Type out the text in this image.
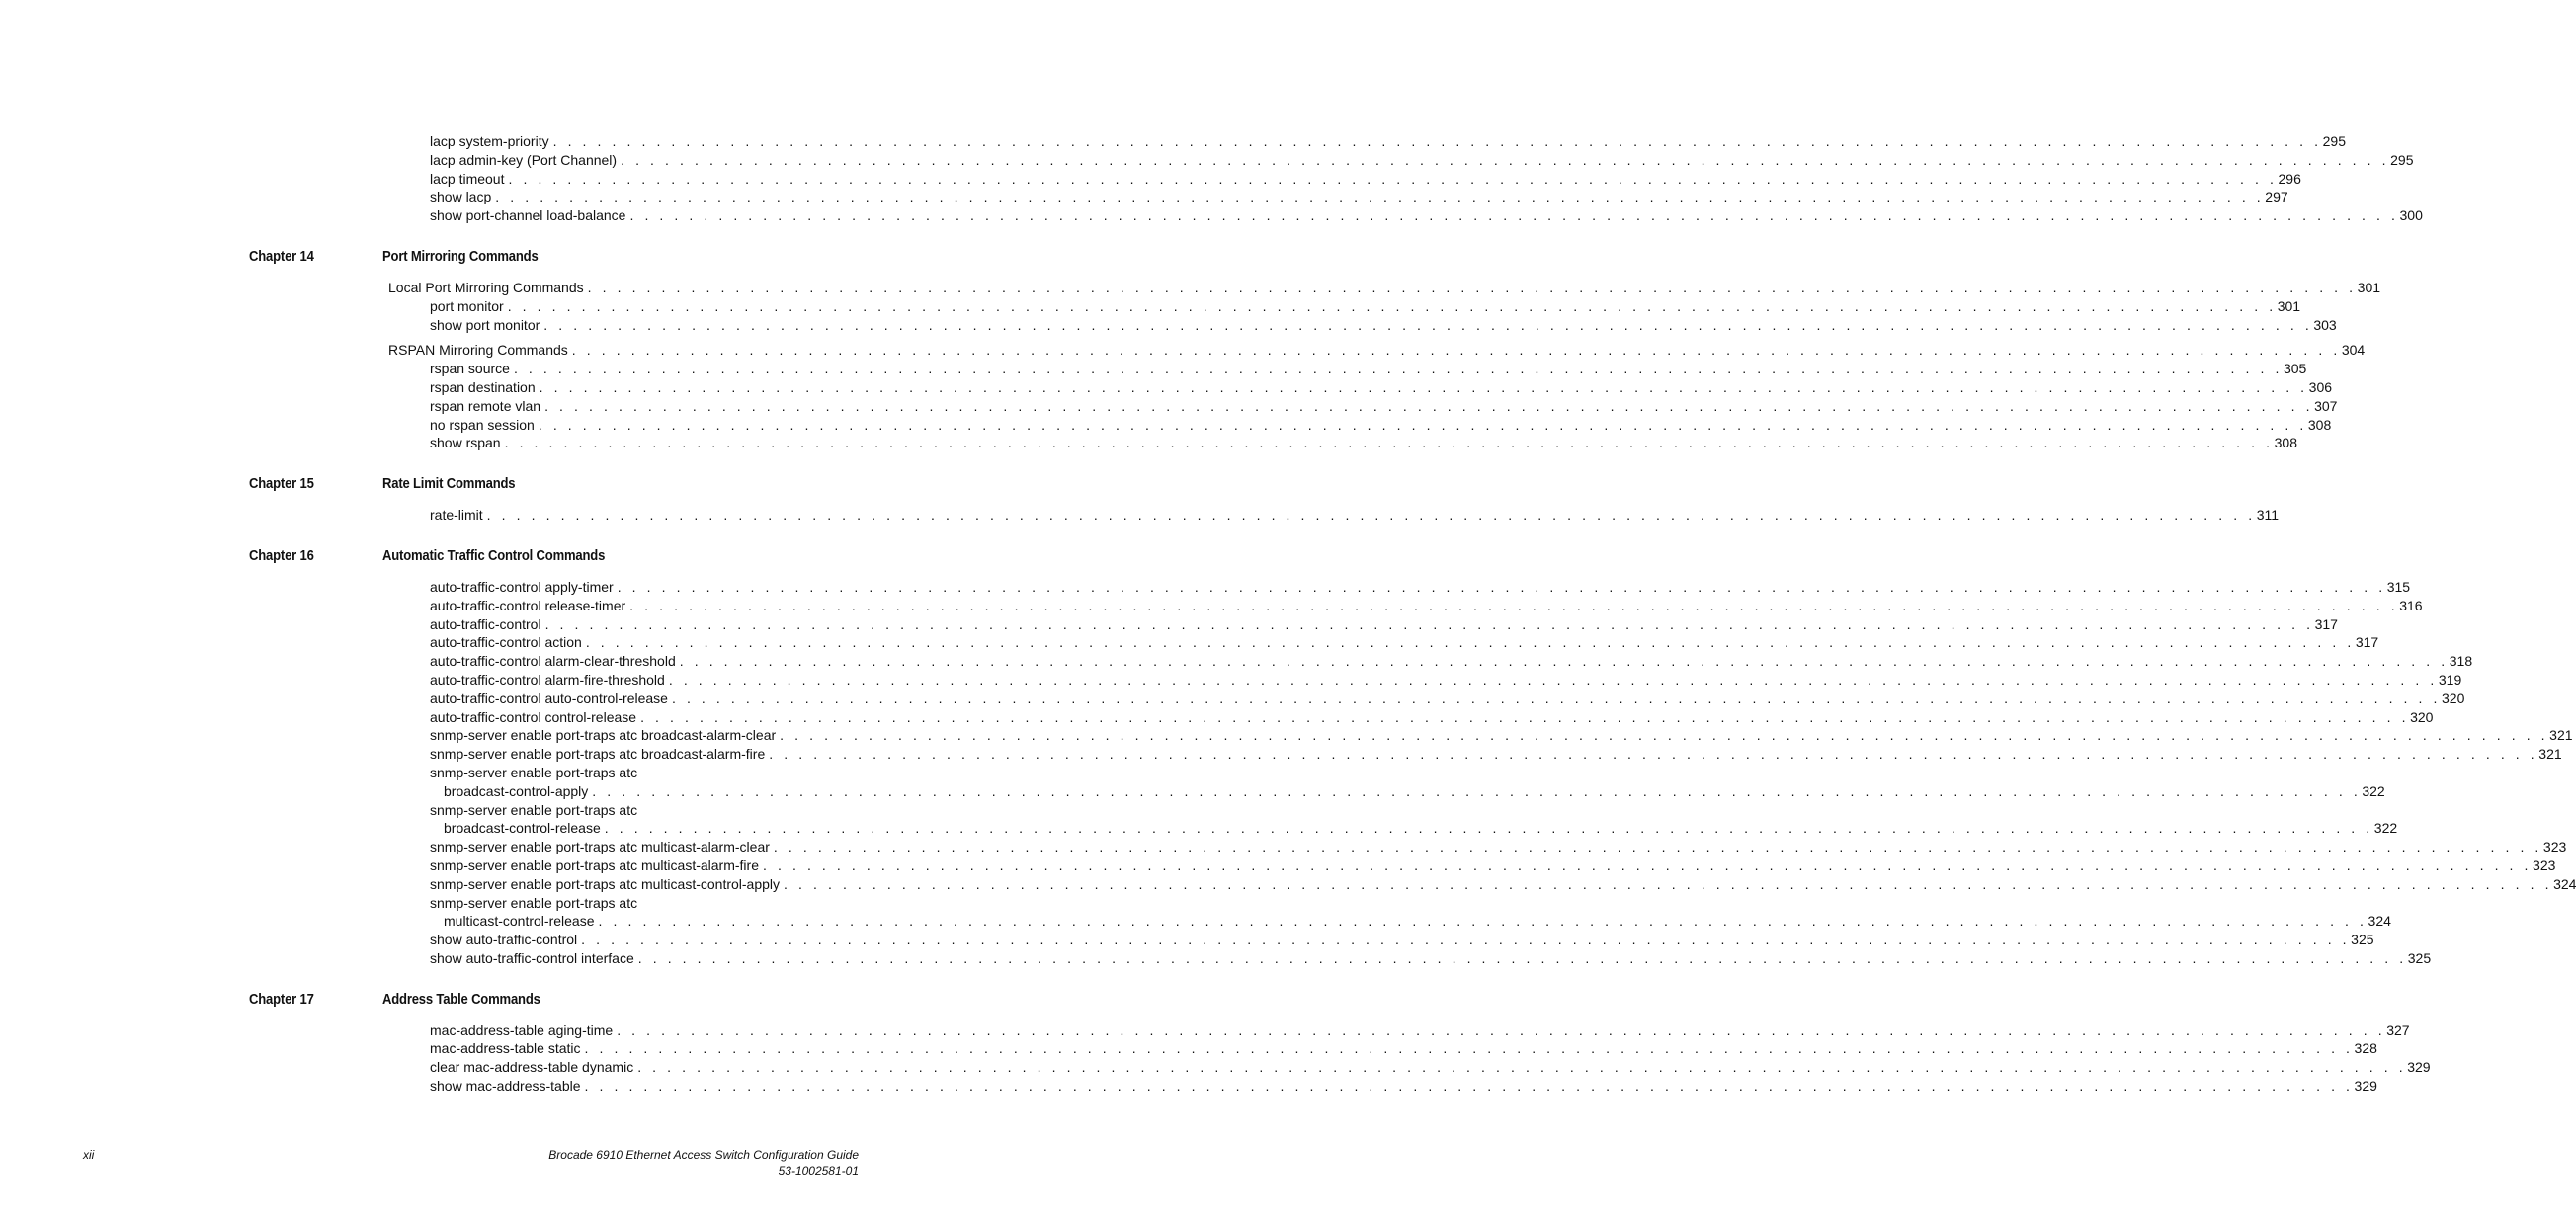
lacp system-priority . . . . . . . . . . . . . . . . . . . . . . . . . . . . . . . . . . . . . . . . . . . . . . . . . . . . . . . . . . . . . . . . . . . . . . . . . . . . . . . . . . . . . . . . . . . . . . . . . . . . . . . . . . . . . . . . . . . . . . . . 295
lacp admin-key (Port Channel) . . . . . . . . . . . . . . . . . . . . . . . . . . . . . . . . . . . . . . . . . . . . . . . . . . . . . . . . . . . . . . . . . . . . . . . . . . . . . . . . . . . . . . . . . . . . . . . . . . . . . . . . . . . . . . . . . . . . . . . . 295
lacp timeout . . . . . . . . . . . . . . . . . . . . . . . . . . . . . . . . . . . . . . . . . . . . . . . . . . . . . . . . . . . . . . . . . . . . . . . . . . . . . . . . . . . . . . . . . . . . . . . . . . . . . . . . . . . . . . . . . . . . . . . . 296
show lacp . . . . . . . . . . . . . . . . . . . . . . . . . . . . . . . . . . . . . . . . . . . . . . . . . . . . . . . . . . . . . . . . . . . . . . . . . . . . . . . . . . . . . . . . . . . . . . . . . . . . . . . . . . . . . . . . . . . . . . . . 297
show port-channel load-balance . . . . . . . . . . . . . . . . . . . . . . . . . . . . . . . . . . . . . . . . . . . . . . . . . . . . . . . . . . . . . . . . . . . . . . . . . . . . . . . . . . . . . . . . . . . . . . . . . . . . . . . . . . . . . . . . . . . . . . . . 300
Chapter 14	Port Mirroring Commands
Local Port Mirroring Commands . . . . . . . . . . . . . . . . . . . . . . . . . . . . . . . . . . . . . . . . . . . . . . . . . . . . . . . . . . . . . . . . . . . . . . . . . . . . . . . . . . . . . . . . . . . . . . . . . . . . . . . . . . . . . . . . . . . . . . . . 301
port monitor . . . . . . . . . . . . . . . . . . . . . . . . . . . . . . . . . . . . . . . . . . . . . . . . . . . . . . . . . . . . . . . . . . . . . . . . . . . . . . . . . . . . . . . . . . . . . . . . . . . . . . . . . . . . . . . . . . . . . . . . 301
show port monitor . . . . . . . . . . . . . . . . . . . . . . . . . . . . . . . . . . . . . . . . . . . . . . . . . . . . . . . . . . . . . . . . . . . . . . . . . . . . . . . . . . . . . . . . . . . . . . . . . . . . . . . . . . . . . . . . . . . . . . . . 303
RSPAN Mirroring Commands . . . . . . . . . . . . . . . . . . . . . . . . . . . . . . . . . . . . . . . . . . . . . . . . . . . . . . . . . . . . . . . . . . . . . . . . . . . . . . . . . . . . . . . . . . . . . . . . . . . . . . . . . . . . . . . . . . . . . . . . 304
rspan source . . . . . . . . . . . . . . . . . . . . . . . . . . . . . . . . . . . . . . . . . . . . . . . . . . . . . . . . . . . . . . . . . . . . . . . . . . . . . . . . . . . . . . . . . . . . . . . . . . . . . . . . . . . . . . . . . . . . . . . . 305
rspan destination . . . . . . . . . . . . . . . . . . . . . . . . . . . . . . . . . . . . . . . . . . . . . . . . . . . . . . . . . . . . . . . . . . . . . . . . . . . . . . . . . . . . . . . . . . . . . . . . . . . . . . . . . . . . . . . . . . . . . . . . 306
rspan remote vlan . . . . . . . . . . . . . . . . . . . . . . . . . . . . . . . . . . . . . . . . . . . . . . . . . . . . . . . . . . . . . . . . . . . . . . . . . . . . . . . . . . . . . . . . . . . . . . . . . . . . . . . . . . . . . . . . . . . . . . . . 307
no rspan session . . . . . . . . . . . . . . . . . . . . . . . . . . . . . . . . . . . . . . . . . . . . . . . . . . . . . . . . . . . . . . . . . . . . . . . . . . . . . . . . . . . . . . . . . . . . . . . . . . . . . . . . . . . . . . . . . . . . . . . . 308
show rspan . . . . . . . . . . . . . . . . . . . . . . . . . . . . . . . . . . . . . . . . . . . . . . . . . . . . . . . . . . . . . . . . . . . . . . . . . . . . . . . . . . . . . . . . . . . . . . . . . . . . . . . . . . . . . . . . . . . . . . . . 308
Chapter 15	Rate Limit Commands
rate-limit . . . . . . . . . . . . . . . . . . . . . . . . . . . . . . . . . . . . . . . . . . . . . . . . . . . . . . . . . . . . . . . . . . . . . . . . . . . . . . . . . . . . . . . . . . . . . . . . . . . . . . . . . . . . . . . . . . . . . . . . 311
Chapter 16	Automatic Traffic Control Commands
auto-traffic-control apply-timer . . . . . . . . . . . . . . . . . . . . . . . . . . . . . . . . . . . . . . . . . . . . . . . . . . . . . . . . . . . . . . . . . . . . . . . . . . . . . . . . . . . . . . . . . . . . . . . . . . . . . . . . . . . . . . . . . . . . . . . . 315
auto-traffic-control release-timer . . . . . . . . . . . . . . . . . . . . . . . . . . . . . . . . . . . . . . . . . . . . . . . . . . . . . . . . . . . . . . . . . . . . . . . . . . . . . . . . . . . . . . . . . . . . . . . . . . . . . . . . . . . . . . . . . . . . . . . . 316
auto-traffic-control . . . . . . . . . . . . . . . . . . . . . . . . . . . . . . . . . . . . . . . . . . . . . . . . . . . . . . . . . . . . . . . . . . . . . . . . . . . . . . . . . . . . . . . . . . . . . . . . . . . . . . . . . . . . . . . . . . . . . . . . 317
auto-traffic-control action . . . . . . . . . . . . . . . . . . . . . . . . . . . . . . . . . . . . . . . . . . . . . . . . . . . . . . . . . . . . . . . . . . . . . . . . . . . . . . . . . . . . . . . . . . . . . . . . . . . . . . . . . . . . . . . . . . . . . . . . 317
auto-traffic-control alarm-clear-threshold . . . . . . . . . . . . . . . . . . . . . . . . . . . . . . . . . . . . . . . . . . . . . . . . . . . . . . . . . . . . . . . . . . . . . . . . . . . . . . . . . . . . . . . . . . . . . . . . . . . . . . . . . . . . . . . . . . . . . . . . 318
auto-traffic-control alarm-fire-threshold . . . . . . . . . . . . . . . . . . . . . . . . . . . . . . . . . . . . . . . . . . . . . . . . . . . . . . . . . . . . . . . . . . . . . . . . . . . . . . . . . . . . . . . . . . . . . . . . . . . . . . . . . . . . . . . . . . . . . . . . 319
auto-traffic-control auto-control-release . . . . . . . . . . . . . . . . . . . . . . . . . . . . . . . . . . . . . . . . . . . . . . . . . . . . . . . . . . . . . . . . . . . . . . . . . . . . . . . . . . . . . . . . . . . . . . . . . . . . . . . . . . . . . . . . . . . . . . . . 320
auto-traffic-control control-release . . . . . . . . . . . . . . . . . . . . . . . . . . . . . . . . . . . . . . . . . . . . . . . . . . . . . . . . . . . . . . . . . . . . . . . . . . . . . . . . . . . . . . . . . . . . . . . . . . . . . . . . . . . . . . . . . . . . . . . . 320
snmp-server enable port-traps atc broadcast-alarm-clear . . . . . . . . . . . . . . . . . . . . . . . . . . . . . . . . . . . . . . . . . . . . . . . . . . . . . . . . . . . . . . . . . . . . . . . . . . . . . . . . . . . . . . . . . . . . . . . . . . . . . . . . . . . . . . . . . . . . . . . . 321
snmp-server enable port-traps atc broadcast-alarm-fire . . . . . . . . . . . . . . . . . . . . . . . . . . . . . . . . . . . . . . . . . . . . . . . . . . . . . . . . . . . . . . . . . . . . . . . . . . . . . . . . . . . . . . . . . . . . . . . . . . . . . . . . . . . . . . . . . . . . . . . . 321
snmp-server enable port-traps atc
broadcast-control-apply . . . . . . . . . . . . . . . . . . . . . . . . . . . . . . . . . . . . . . . . . . . . . . . . . . . . . . . . . . . . . . . . . . . . . . . . . . . . . . . . . . . . . . . . . . . . . . . . . . . . . . . . . . . . . . . . . . . . . . . . 322
snmp-server enable port-traps atc
broadcast-control-release . . . . . . . . . . . . . . . . . . . . . . . . . . . . . . . . . . . . . . . . . . . . . . . . . . . . . . . . . . . . . . . . . . . . . . . . . . . . . . . . . . . . . . . . . . . . . . . . . . . . . . . . . . . . . . . . . . . . . . . . 322
snmp-server enable port-traps atc multicast-alarm-clear . . . . . . . . . . . . . . . . . . . . . . . . . . . . . . . . . . . . . . . . . . . . . . . . . . . . . . . . . . . . . . . . . . . . . . . . . . . . . . . . . . . . . . . . . . . . . . . . . . . . . . . . . . . . . . . . . . . . . . . . 323
snmp-server enable port-traps atc multicast-alarm-fire . . . . . . . . . . . . . . . . . . . . . . . . . . . . . . . . . . . . . . . . . . . . . . . . . . . . . . . . . . . . . . . . . . . . . . . . . . . . . . . . . . . . . . . . . . . . . . . . . . . . . . . . . . . . . . . . . . . . . . . . 323
snmp-server enable port-traps atc multicast-control-apply . . . . . . . . . . . . . . . . . . . . . . . . . . . . . . . . . . . . . . . . . . . . . . . . . . . . . . . . . . . . . . . . . . . . . . . . . . . . . . . . . . . . . . . . . . . . . . . . . . . . . . . . . . . . . . . . . . . . . . . . 324
snmp-server enable port-traps atc
multicast-control-release . . . . . . . . . . . . . . . . . . . . . . . . . . . . . . . . . . . . . . . . . . . . . . . . . . . . . . . . . . . . . . . . . . . . . . . . . . . . . . . . . . . . . . . . . . . . . . . . . . . . . . . . . . . . . . . . . . . . . . . . 324
show auto-traffic-control . . . . . . . . . . . . . . . . . . . . . . . . . . . . . . . . . . . . . . . . . . . . . . . . . . . . . . . . . . . . . . . . . . . . . . . . . . . . . . . . . . . . . . . . . . . . . . . . . . . . . . . . . . . . . . . . . . . . . . . . 325
show auto-traffic-control interface . . . . . . . . . . . . . . . . . . . . . . . . . . . . . . . . . . . . . . . . . . . . . . . . . . . . . . . . . . . . . . . . . . . . . . . . . . . . . . . . . . . . . . . . . . . . . . . . . . . . . . . . . . . . . . . . . . . . . . . . 325
Chapter 17	Address Table Commands
mac-address-table aging-time . . . . . . . . . . . . . . . . . . . . . . . . . . . . . . . . . . . . . . . . . . . . . . . . . . . . . . . . . . . . . . . . . . . . . . . . . . . . . . . . . . . . . . . . . . . . . . . . . . . . . . . . . . . . . . . . . . . . . . . . 327
mac-address-table static . . . . . . . . . . . . . . . . . . . . . . . . . . . . . . . . . . . . . . . . . . . . . . . . . . . . . . . . . . . . . . . . . . . . . . . . . . . . . . . . . . . . . . . . . . . . . . . . . . . . . . . . . . . . . . . . . . . . . . . . 328
clear mac-address-table dynamic . . . . . . . . . . . . . . . . . . . . . . . . . . . . . . . . . . . . . . . . . . . . . . . . . . . . . . . . . . . . . . . . . . . . . . . . . . . . . . . . . . . . . . . . . . . . . . . . . . . . . . . . . . . . . . . . . . . . . . . . 329
show mac-address-table . . . . . . . . . . . . . . . . . . . . . . . . . . . . . . . . . . . . . . . . . . . . . . . . . . . . . . . . . . . . . . . . . . . . . . . . . . . . . . . . . . . . . . . . . . . . . . . . . . . . . . . . . . . . . . . . . . . . . . . . 329
xii	Brocade 6910 Ethernet Access Switch Configuration Guide
53-1002581-01
